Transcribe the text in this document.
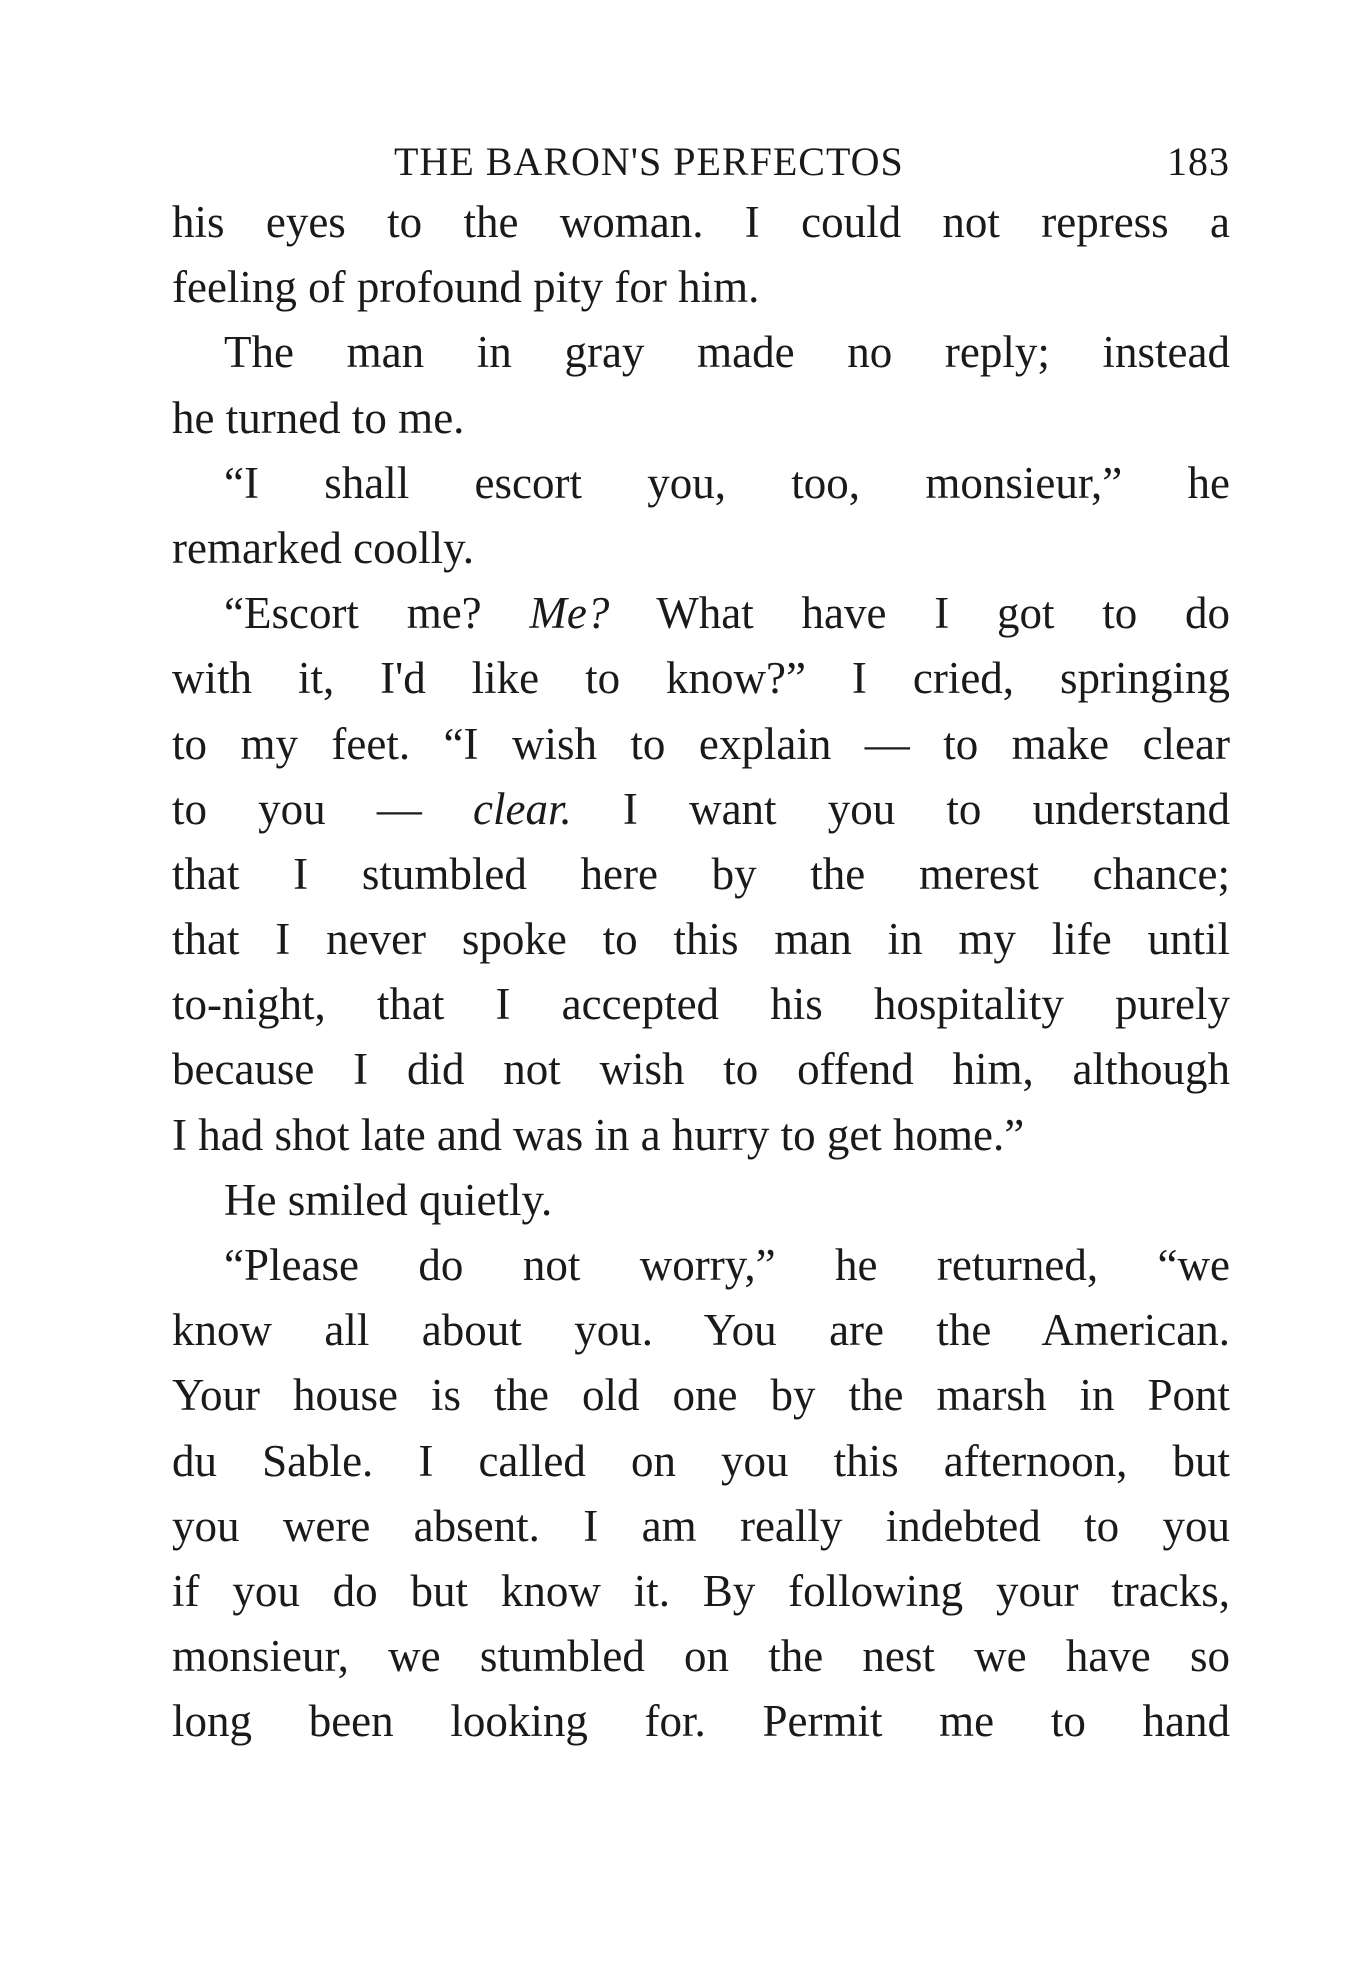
THE BARON'S PERFECTOS	183
his eyes to the woman. I could not repress a
feeling of profound pity for him.
The man in gray made no reply; instead
he turned to me.
“I shall escort you, too, monsieur,” he
remarked coolly.
“Escort me? Me? What have I got to do
with it, I'd like to know?” I cried, springing
to my feet. “I wish to explain — to make clear
to you — clear. I want you to understand
that I stumbled here by the merest chance;
that I never spoke to this man in my life until
to-night, that I accepted his hospitality purely
because I did not wish to offend him, although
I had shot late and was in a hurry to get home.”
He smiled quietly.
“Please do not worry,” he returned, “we
know all about you. You are the American.
Your house is the old one by the marsh in Pont
du Sable. I called on you this afternoon, but
you were absent. I am really indebted to you
if you do but know it. By following your tracks,
monsieur, we stumbled on the nest we have so
long been looking for. Permit me to hand
